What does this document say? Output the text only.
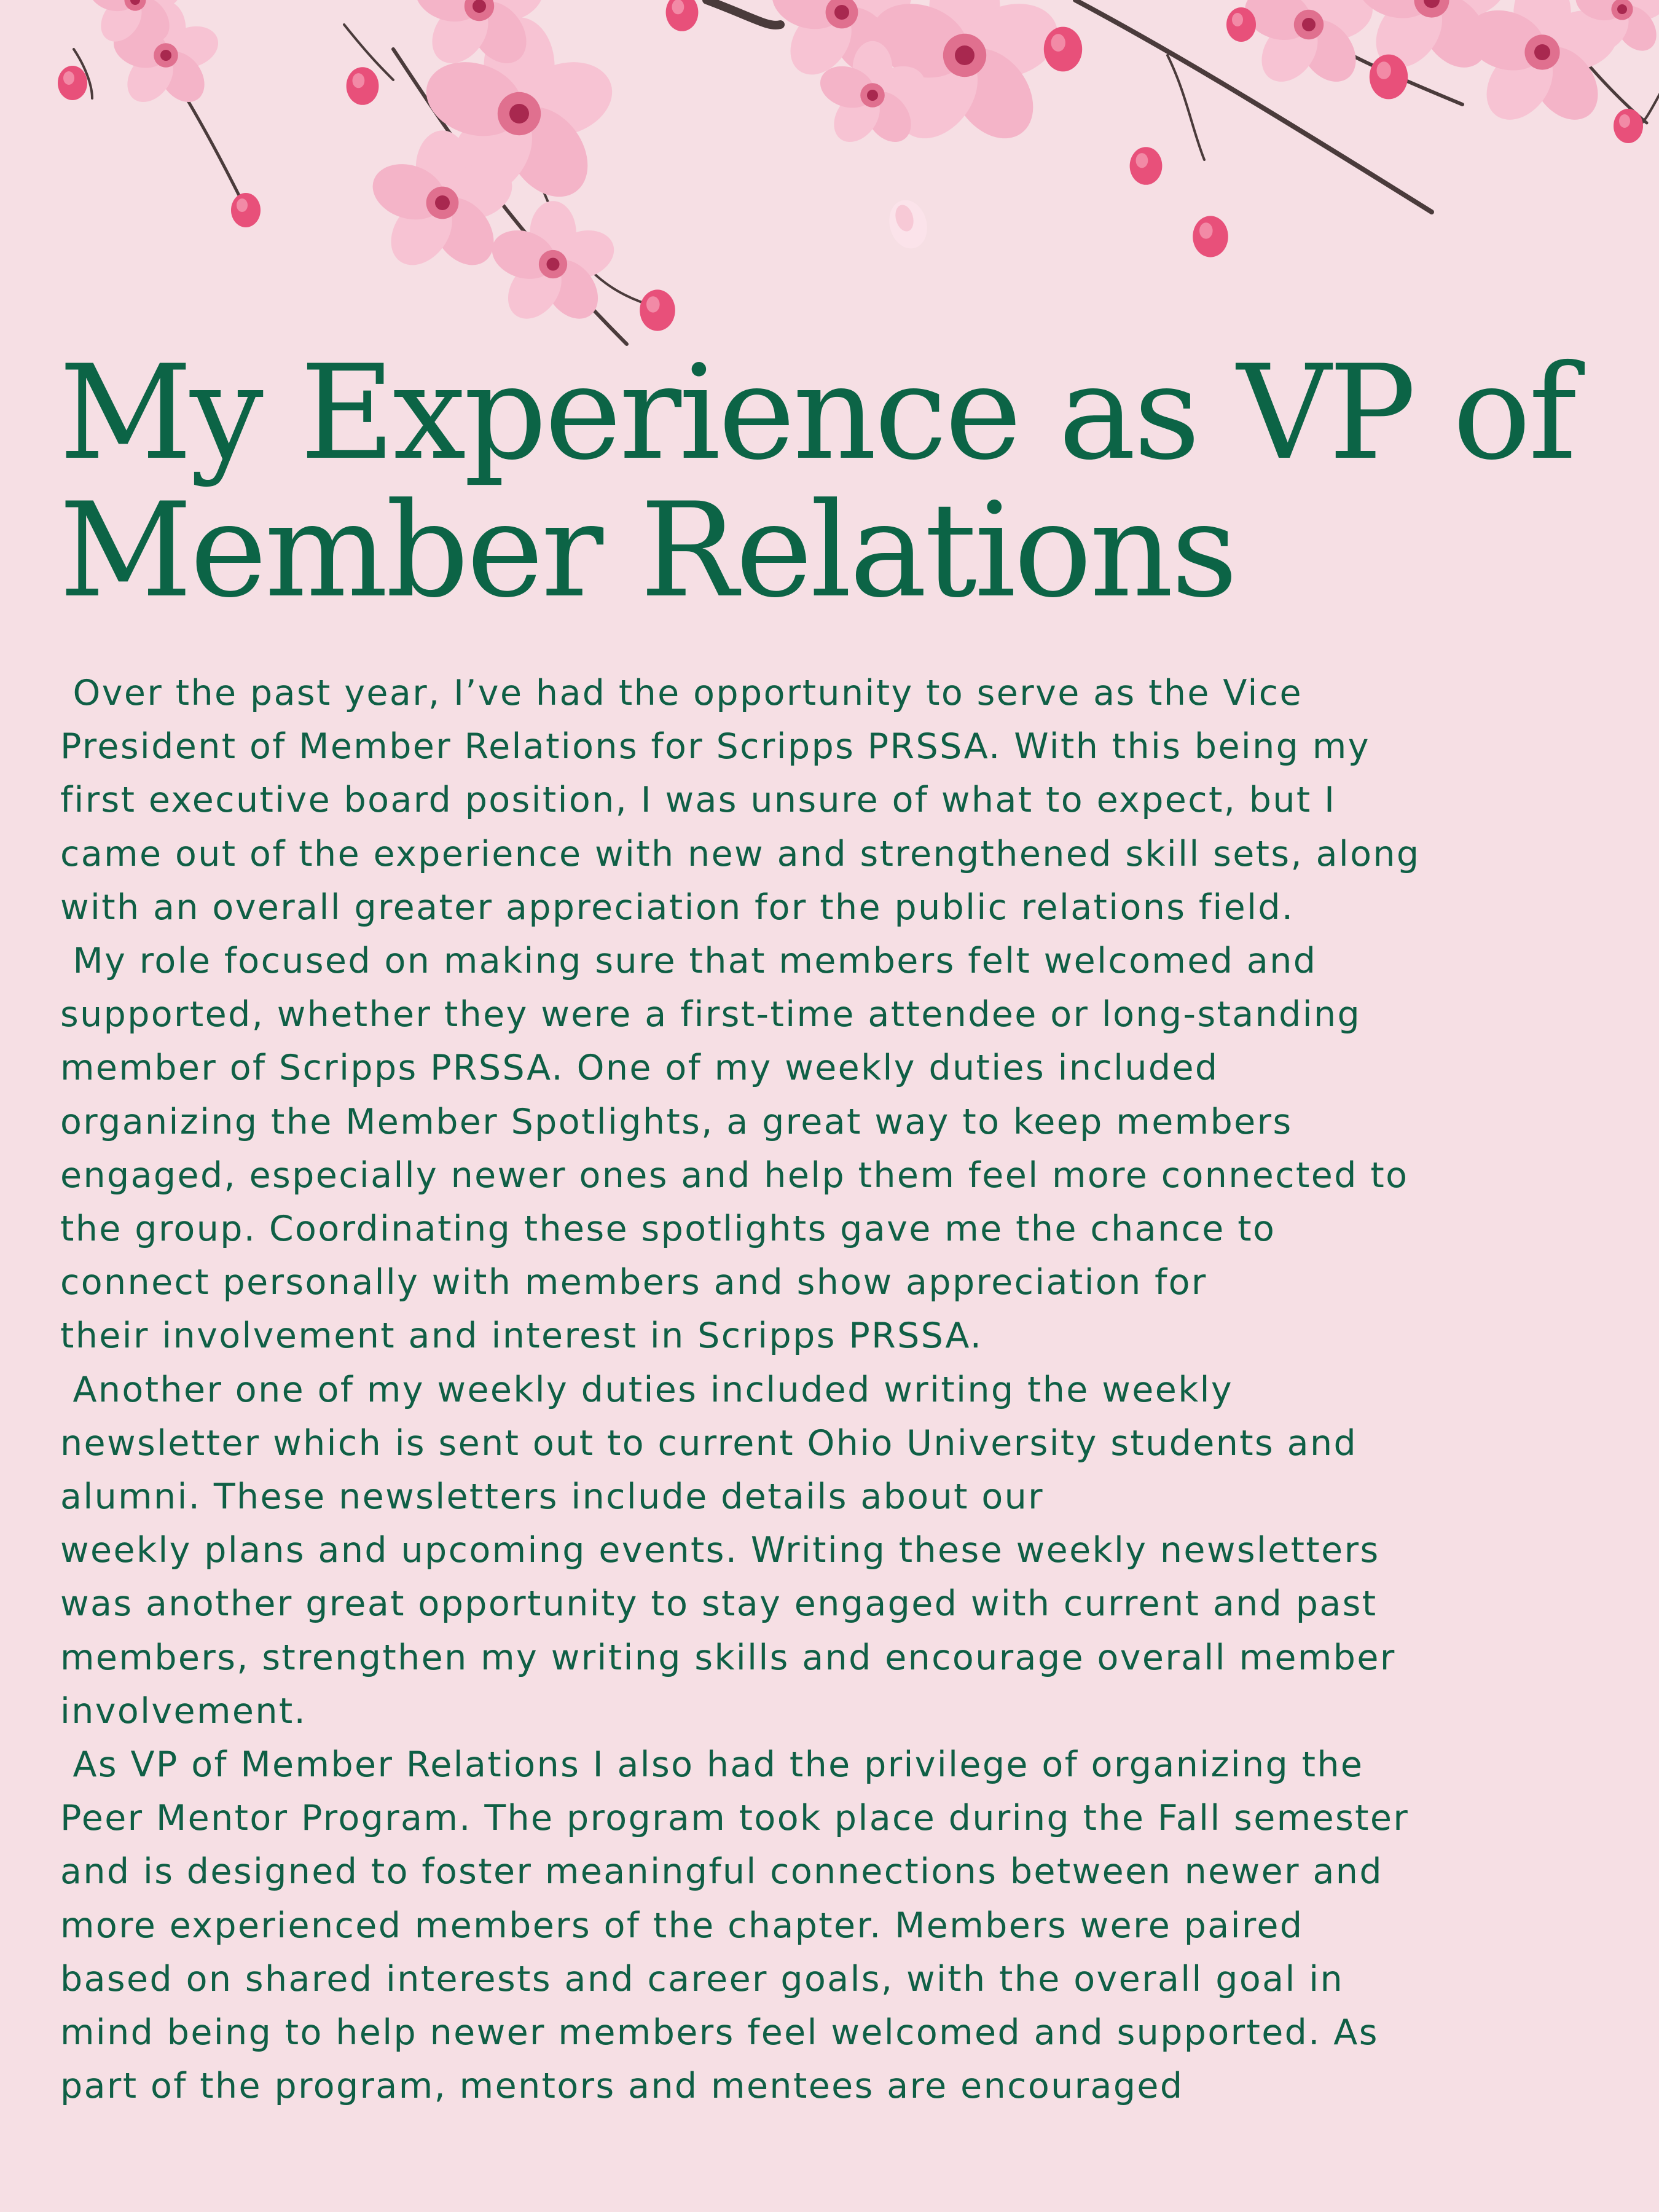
My Experience as VP of
Member Relations
Over the past year, I’ve had the opportunity to serve as the Vice
President of Member Relations for Scripps PRSSA. With this being my
first executive board position, I was unsure of what to expect, but I
came out of the experience with new and strengthened skill sets, along
with an overall greater appreciation for the public relations field.
My role focused on making sure that members felt welcomed and
supported, whether they were a first-time attendee or long-standing
member of Scripps PRSSA. One of my weekly duties included
organizing the Member Spotlights, a great way to keep members
engaged, especially newer ones and help them feel more connected to
the group. Coordinating these spotlights gave me the chance to
connect personally with members and show appreciation for
their involvement and interest in Scripps PRSSA.
Another one of my weekly duties included writing the weekly
newsletter which is sent out to current Ohio University students and
alumni. These newsletters include details about our
weekly plans and upcoming events. Writing these weekly newsletters
was another great opportunity to stay engaged with current and past
members, strengthen my writing skills and encourage overall member
involvement.
As VP of Member Relations I also had the privilege of organizing the
Peer Mentor Program. The program took place during the Fall semester
and is designed to foster meaningful connections between newer and
more experienced members of the chapter. Members were paired
based on shared interests and career goals, with the overall goal in
mind being to help newer members feel welcomed and supported. As
part of the program, mentors and mentees are encouraged
